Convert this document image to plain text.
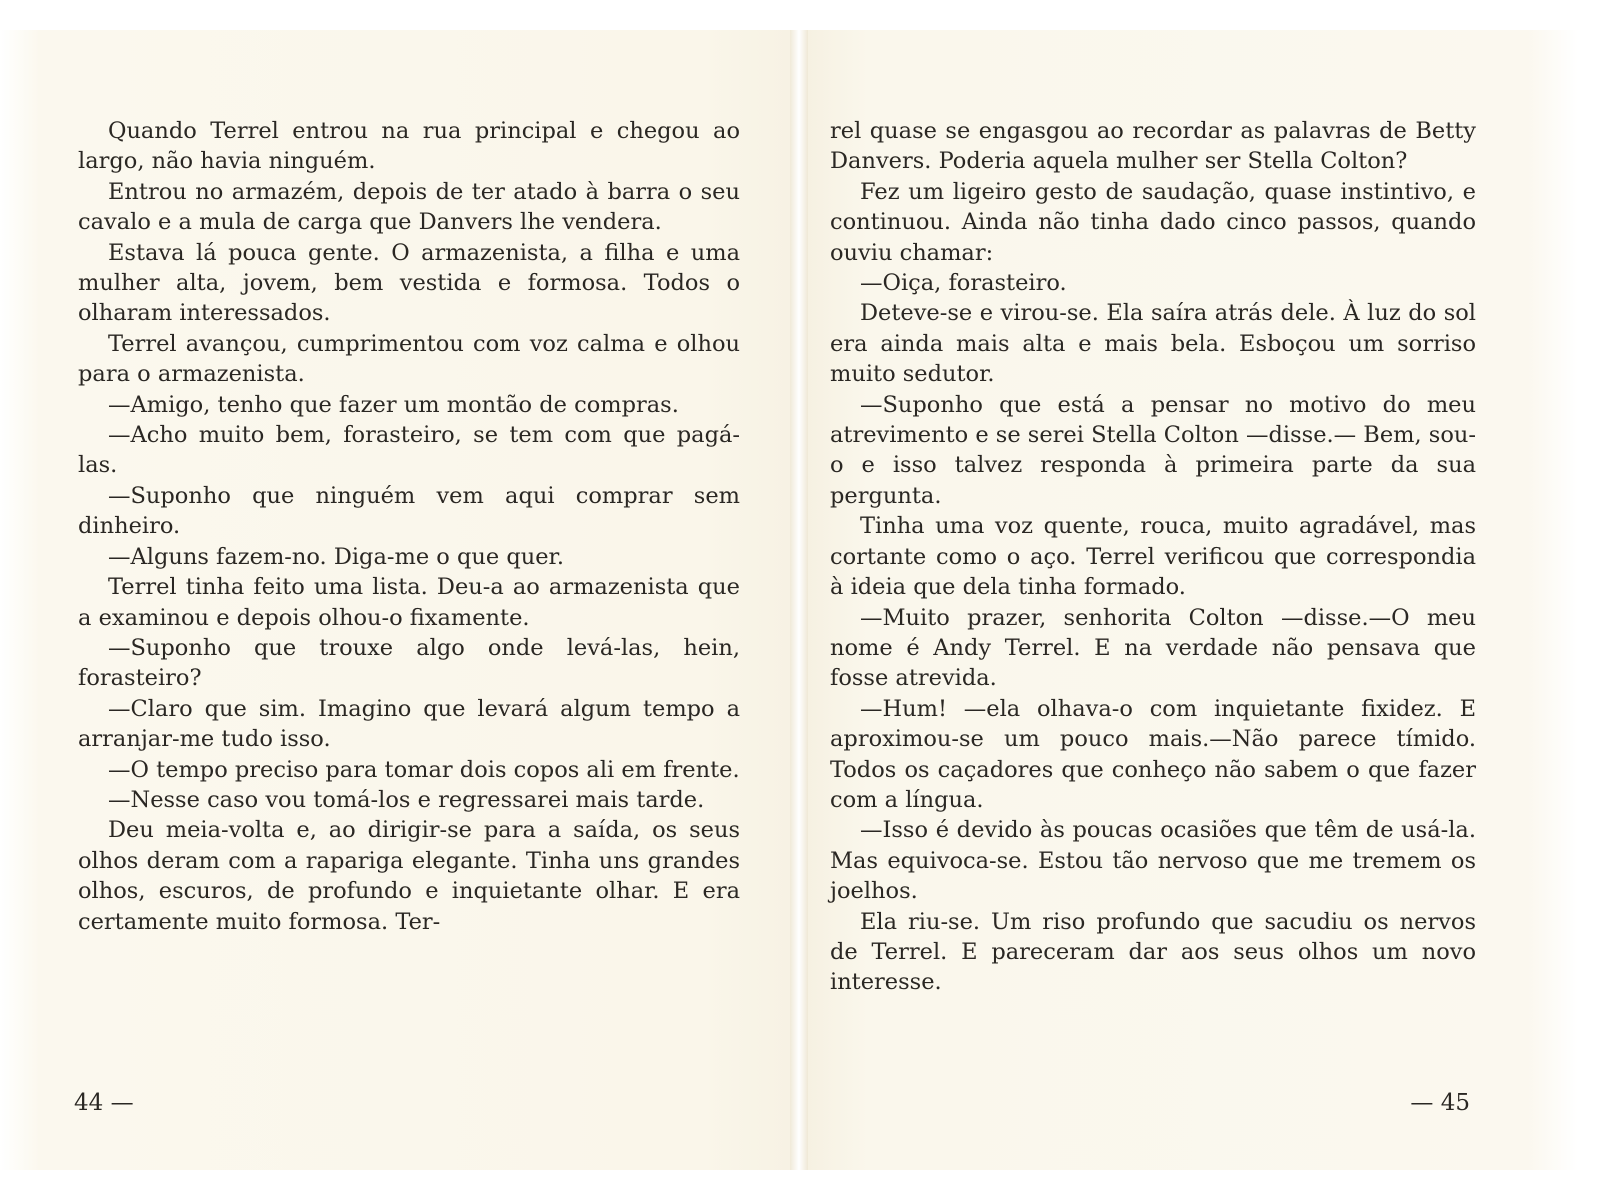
Quando Terrel entrou na rua principal e chegou ao largo, não havia ninguém.

Entrou no armazém, depois de ter atado à barra o seu cavalo e a mula de carga que Danvers lhe vendera.

Estava lá pouca gente. O armazenista, a filha e uma mulher alta, jovem, bem vestida e formosa. Todos o olharam interessados.

Terrel avançou, cumprimentou com voz calma e olhou para o armazenista.

—Amigo, tenho que fazer um montão de compras.

—Acho muito bem, forasteiro, se tem com que pagá-las.

—Suponho que ninguém vem aqui comprar sem dinheiro.

—Alguns fazem-no. Diga-me o que quer.

Terrel tinha feito uma lista. Deu-a ao armazenista que a examinou e depois olhou-o fixamente.

—Suponho que trouxe algo onde levá-las, hein, forasteiro?

—Claro que sim. Imagino que levará algum tempo a arranjar-me tudo isso.

—O tempo preciso para tomar dois copos ali em frente.

—Nesse caso vou tomá-los e regressarei mais tarde.

Deu meia-volta e, ao dirigir-se para a saída, os seus olhos deram com a rapariga elegante. Tinha uns grandes olhos, escuros, de profundo e inquietante olhar. E era certamente muito formosa. Ter-

44 —

rel quase se engasgou ao recordar as palavras de Betty Danvers. Poderia aquela mulher ser Stella Colton?

Fez um ligeiro gesto de saudação, quase instintivo, e continuou. Ainda não tinha dado cinco passos, quando ouviu chamar:

—Oiça, forasteiro.

Deteve-se e virou-se. Ela saíra atrás dele. À luz do sol era ainda mais alta e mais bela. Esboçou um sorriso muito sedutor.

—Suponho que está a pensar no motivo do meu atrevimento e se serei Stella Colton —disse.— Bem, sou-o e isso talvez responda à primeira parte da sua pergunta.

Tinha uma voz quente, rouca, muito agradável, mas cortante como o aço. Terrel verificou que correspondia à ideia que dela tinha formado.

—Muito prazer, senhorita Colton —disse.—O meu nome é Andy Terrel. E na verdade não pensava que fosse atrevida.

—Hum! —ela olhava-o com inquietante fixidez. E aproximou-se um pouco mais.—Não parece tímido. Todos os caçadores que conheço não sabem o que fazer com a língua.

—Isso é devido às poucas ocasiões que têm de usá-la. Mas equivoca-se. Estou tão nervoso que me tremem os joelhos.

Ela riu-se. Um riso profundo que sacudiu os nervos de Terrel. E pareceram dar aos seus olhos um novo interesse.

— 45
